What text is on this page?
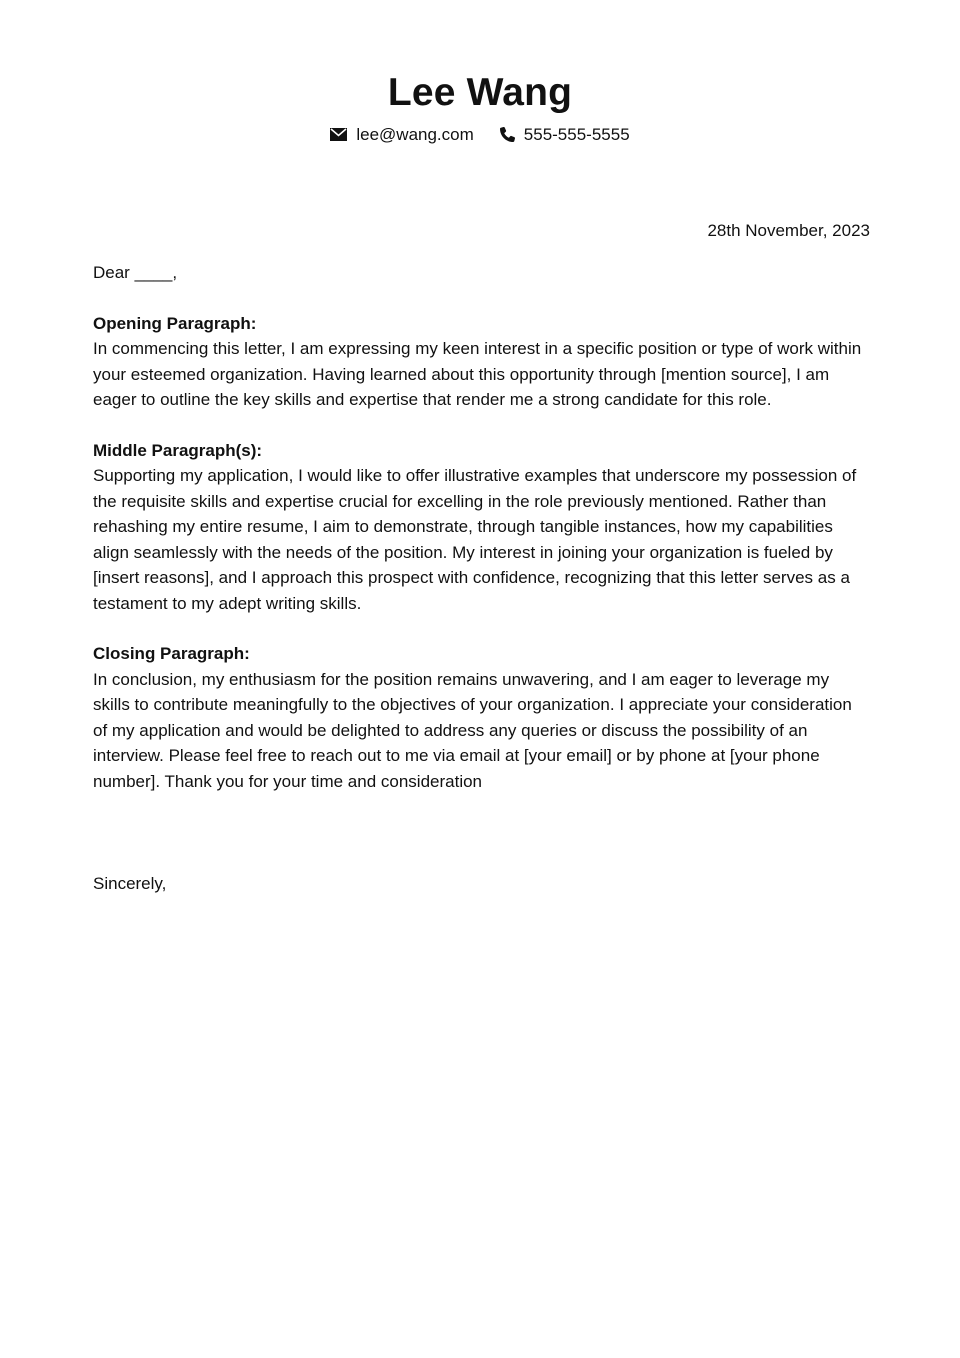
Lee Wang
lee@wang.com	555-555-5555
28th November, 2023
Dear ____,
Opening Paragraph:
In commencing this letter, I am expressing my keen interest in a specific position or type of work within your esteemed organization. Having learned about this opportunity through [mention source], I am eager to outline the key skills and expertise that render me a strong candidate for this role.
Middle Paragraph(s):
Supporting my application, I would like to offer illustrative examples that underscore my possession of the requisite skills and expertise crucial for excelling in the role previously mentioned. Rather than rehashing my entire resume, I aim to demonstrate, through tangible instances, how my capabilities align seamlessly with the needs of the position. My interest in joining your organization is fueled by [insert reasons], and I approach this prospect with confidence, recognizing that this letter serves as a testament to my adept writing skills.
Closing Paragraph:
In conclusion, my enthusiasm for the position remains unwavering, and I am eager to leverage my skills to contribute meaningfully to the objectives of your organization. I appreciate your consideration of my application and would be delighted to address any queries or discuss the possibility of an interview. Please feel free to reach out to me via email at [your email] or by phone at [your phone number]. Thank you for your time and consideration
Sincerely,
